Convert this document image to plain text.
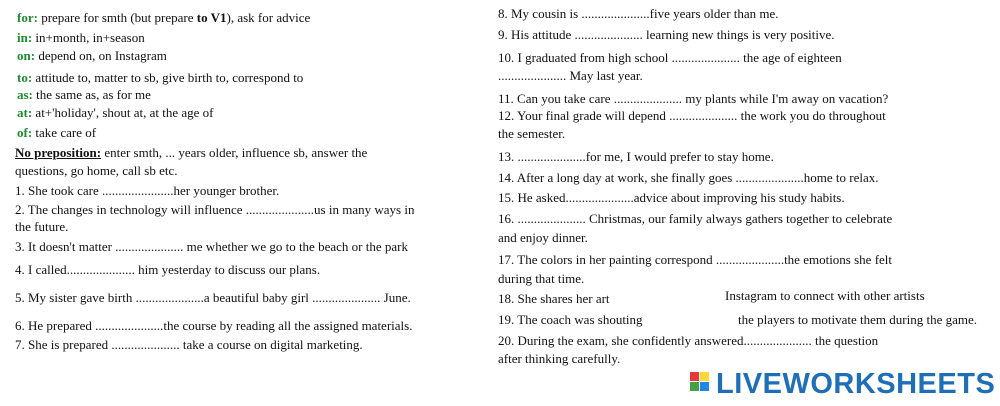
for: prepare for smth (but prepare to V1), ask for advice
in: in+month, in+season
on: depend on, on Instagram
to: attitude to, matter to sb, give birth to, correspond to
as: the same as, as for me
at: at+'holiday', shout at, at the age of
of: take care of
No preposition: enter smth, ... years older, influence sb, answer the
questions, go home, call sb etc.
1. She took care ......................her younger brother.
2. The changes in technology will influence .....................us in many ways in
the future.
3. It doesn't matter ..................... me whether we go to the beach or the park
4. I called..................... him yesterday to discuss our plans.
5. My sister gave birth .....................a beautiful baby girl ..................... June.
6. He prepared .....................the course by reading all the assigned materials.
7. She is prepared ..................... take a course on digital marketing.
8. My cousin is .....................five years older than me.
9. His attitude ..................... learning new things is very positive.
10. I graduated from high school ..................... the age of eighteen
..................... May last year.
11. Can you take care ..................... my plants while I'm away on vacation?
12. Your final grade will depend ..................... the work you do throughout
the semester.
13. .....................for me, I would prefer to stay home.
14. After a long day at work, she finally goes .....................home to relax.
15. He asked.....................advice about improving his study habits.
16. ..................... Christmas, our family always gathers together to celebrate
and enjoy dinner.
17. The colors in her painting correspond .....................the emotions she felt
during that time.
18. She shares her art	Instagram to connect with other artists
19. The coach was shouting	the players to motivate them during the game.
20. During the exam, she confidently answered..................... the question
after thinking carefully.
LIVEWORKSHEETS
